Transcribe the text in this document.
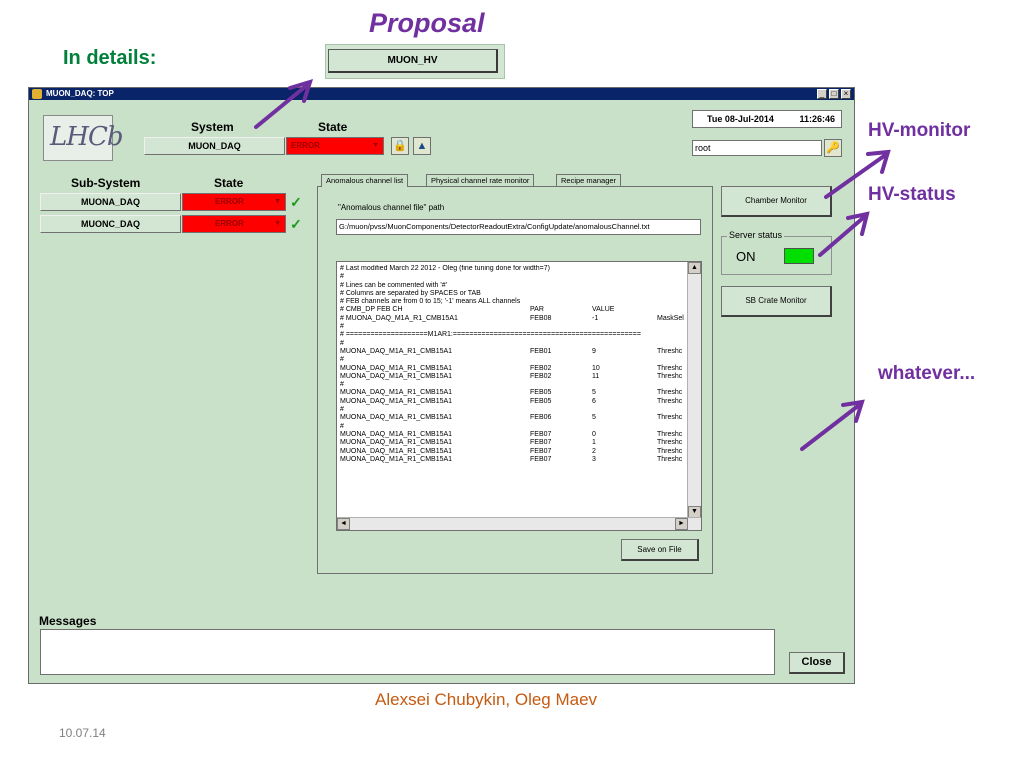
Proposal
In details:	MUON_HV
HV-monitor
HV-status
whatever...
MUON_DAQ: TOP	_ □ ×
LHCb	System
MUON_DAQ
State
ERROR	▼ 🔒 ▲
Tue 08-Jul-2014	11:26:46
root	🔑
Sub-System	State
MUONA_DAQ	ERROR	▼ ✓
MUONC_DAQ	ERROR	▼ ✓
Anomalous channel list	Physical channel rate monitor	Recipe manager
"Anomalous channel file" path
G:/muon/pvss/MuonComponents/DetectorReadoutExtra/ConfigUpdate/anomalousChannel.txt
# Last modified March 22 2012 - Oleg (fine tuning done for width=7)
#
# Lines can be commented with '#'
# Columns are separated by SPACES or TAB
# FEB channels are from 0 to 15; '-1' means ALL channels
# CMB_DP FEB CH	PAR	VALUE
# MUONA_DAQ_M1A_R1_CMB15A1	FEB08	-1	MaskSel
#
# ====================M1AR1:==============================================
#
MUONA_DAQ_M1A_R1_CMB15A1	FEB01	9	Threshc
#
MUONA_DAQ_M1A_R1_CMB15A1	FEB02	10	Threshc
MUONA_DAQ_M1A_R1_CMB15A1	FEB02	11	Threshc
#
MUONA_DAQ_M1A_R1_CMB15A1	FEB05	5	Threshc
MUONA_DAQ_M1A_R1_CMB15A1	FEB05	6	Threshc
#
MUONA_DAQ_M1A_R1_CMB15A1	FEB06	5	Threshc
#
MUONA_DAQ_M1A_R1_CMB15A1	FEB07	0	Threshc
MUONA_DAQ_M1A_R1_CMB15A1	FEB07	1	Threshc
MUONA_DAQ_M1A_R1_CMB15A1	FEB07	2	Threshc
MUONA_DAQ_M1A_R1_CMB15A1	FEB07	3	Threshc
▲
▼
◄	►
Save on File
Chamber Monitor
Server status
ON
SB Crate Monitor
Messages
Close
Alexsei Chubykin, Oleg Maev
10.07.14
